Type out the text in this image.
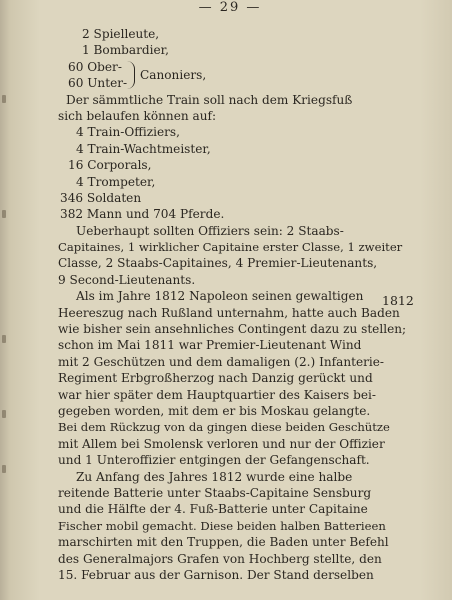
— 29 —
2 Spielleute,
1 Bombardier,
60 Ober-
60 Unter-
Canoniers,
Der sämmtliche Train soll nach dem Kriegsfuß
sich belaufen können auf:
4 Train-Offiziers,
4 Train-Wachtmeister,
16 Corporals,
4 Trompeter,
346 Soldaten
382 Mann und 704 Pferde.
Ueberhaupt sollten Offiziers sein: 2 Staabs-
Capitaines, 1 wirklicher Capitaine erster Classe, 1 zweiter
Classe, 2 Staabs-Capitaines, 4 Premier-Lieutenants,
9 Second-Lieutenants.
Als im Jahre 1812 Napoleon seinen gewaltigen
Heereszug nach Rußland unternahm, hatte auch Baden
wie bisher sein ansehnliches Contingent dazu zu stellen;
schon im Mai 1811 war Premier-Lieutenant Wind
mit 2 Geschützen und dem damaligen (2.) Infanterie-
Regiment Erbgroßherzog nach Danzig gerückt und
war hier später dem Hauptquartier des Kaisers bei-
gegeben worden, mit dem er bis Moskau gelangte.
Bei dem Rückzug von da gingen diese beiden Geschütze
mit Allem bei Smolensk verloren und nur der Offizier
und 1 Unteroffizier entgingen der Gefangenschaft.
Zu Anfang des Jahres 1812 wurde eine halbe
reitende Batterie unter Staabs-Capitaine Sensburg
und die Hälfte der 4. Fuß-Batterie unter Capitaine
Fischer mobil gemacht. Diese beiden halben Batterieen
marschirten mit den Truppen, die Baden unter Befehl
des Generalmajors Grafen von Hochberg stellte, den
15. Februar aus der Garnison. Der Stand derselben
1812
